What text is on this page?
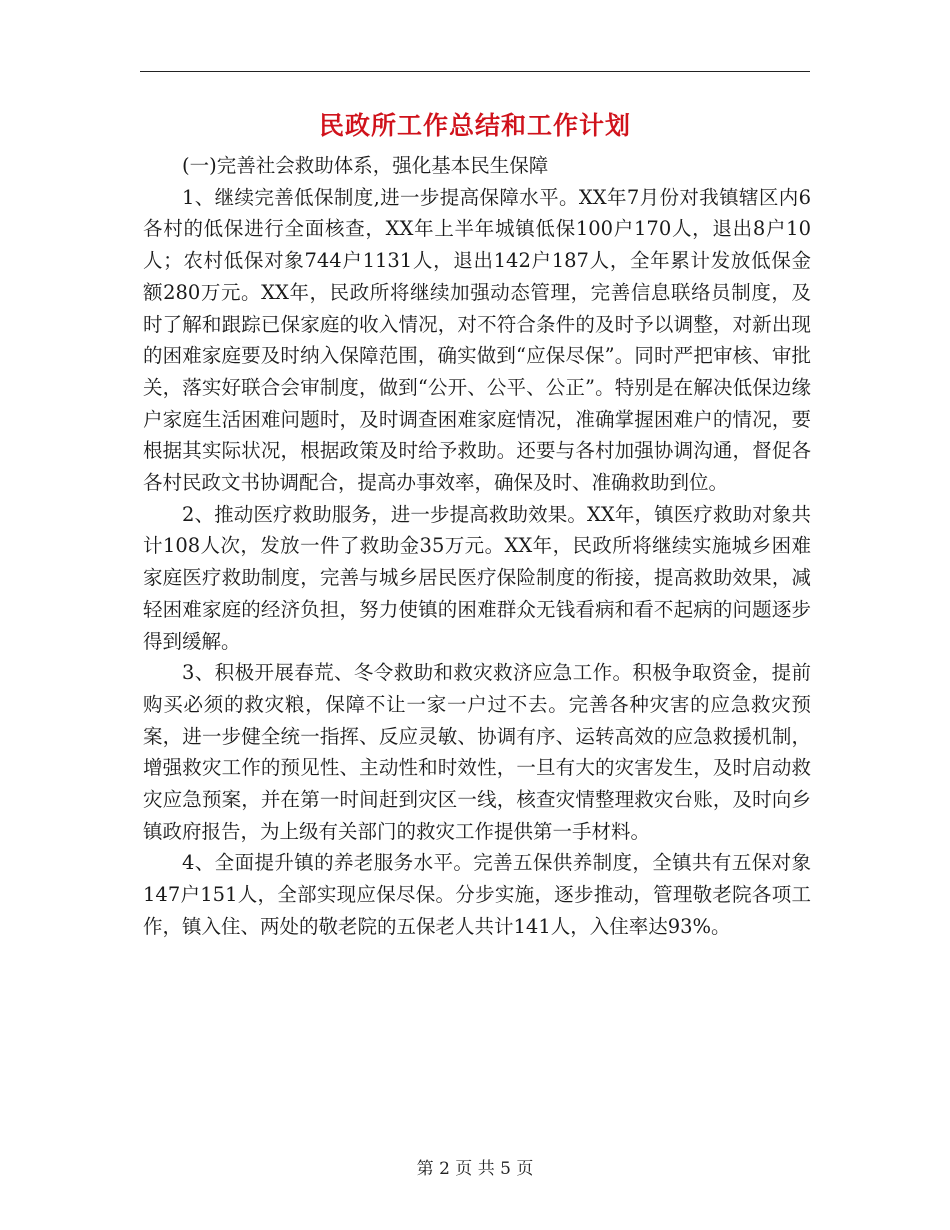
民政所工作总结和工作计划

(一)完善社会救助体系，强化基本民生保障

1、继续完善低保制度,进一步提高保障水平。XX年7月份对我镇辖区内6各村的低保进行全面核查，XX年上半年城镇低保100户170人，退出8户10人；农村低保对象744户1131人，退出142户187人，全年累计发放低保金额280万元。XX年，民政所将继续加强动态管理，完善信息联络员制度，及时了解和跟踪已保家庭的收入情况，对不符合条件的及时予以调整，对新出现的困难家庭要及时纳入保障范围，确实做到“应保尽保”。同时严把审核、审批关，落实好联合会审制度，做到“公开、公平、公正”。特别是在解决低保边缘户家庭生活困难问题时，及时调查困难家庭情况，准确掌握困难户的情况，要根据其实际状况，根据政策及时给予救助。还要与各村加强协调沟通，督促各各村民政文书协调配合，提高办事效率，确保及时、准确救助到位。

2、推动医疗救助服务，进一步提高救助效果。XX年，镇医疗救助对象共计108人次，发放一件了救助金35万元。XX年，民政所将继续实施城乡困难家庭医疗救助制度，完善与城乡居民医疗保险制度的衔接，提高救助效果，减轻困难家庭的经济负担，努力使镇的困难群众无钱看病和看不起病的问题逐步得到缓解。

3、积极开展春荒、冬令救助和救灾救济应急工作。积极争取资金，提前购买必须的救灾粮，保障不让一家一户过不去。完善各种灾害的应急救灾预案，进一步健全统一指挥、反应灵敏、协调有序、运转高效的应急救援机制，增强救灾工作的预见性、主动性和时效性，一旦有大的灾害发生，及时启动救灾应急预案，并在第一时间赶到灾区一线，核查灾情整理救灾台账，及时向乡镇政府报告，为上级有关部门的救灾工作提供第一手材料。

4、全面提升镇的养老服务水平。完善五保供养制度，全镇共有五保对象147户151人，全部实现应保尽保。分步实施，逐步推动，管理敬老院各项工作，镇入住、两处的敬老院的五保老人共计141人，入住率达93%。

第 2 页 共 5 页
